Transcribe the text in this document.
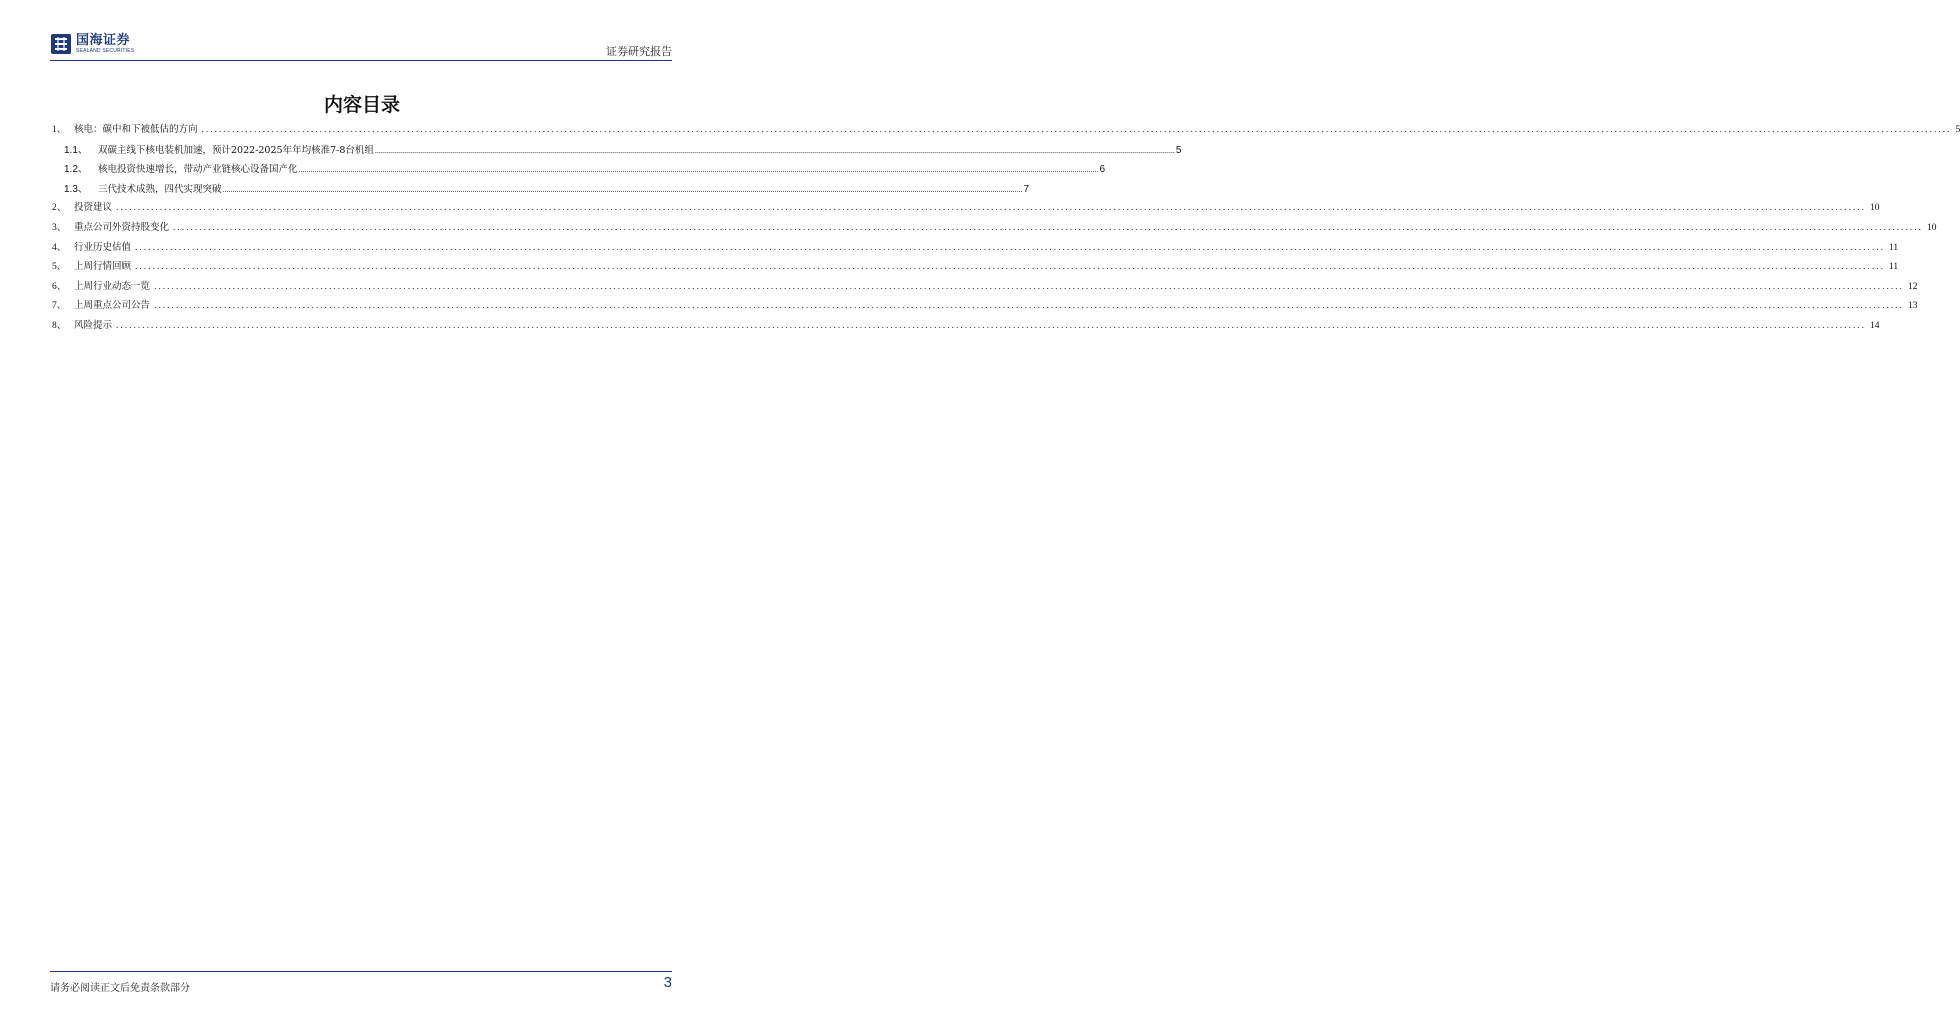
国海证券
SEALAND SECURITIES	证券研究报告
内容目录
1、 核电：碳中和下被低估的方向 ................................................................................................................................................................................................................................................................................................................................................................................................................ 5
1.1、	双碳主线下核电装机加速，预计2022-2025年年均核准7-8台机组 ................................................................................................................................................................................................................................................................................................................................................................................................................ 5
1.2、	核电投资快速增长，带动产业链核心设备国产化 ................................................................................................................................................................................................................................................................................................................................................................................................................ 6
1.3、	三代技术成熟，四代实现突破 ................................................................................................................................................................................................................................................................................................................................................................................................................ 7
2、 投资建议 ................................................................................................................................................................................................................................................................................................................................................................................................................ 10
3、 重点公司外资持股变化 ................................................................................................................................................................................................................................................................................................................................................................................................................ 10
4、 行业历史估值 ................................................................................................................................................................................................................................................................................................................................................................................................................ 11
5、 上周行情回顾 ................................................................................................................................................................................................................................................................................................................................................................................................................ 11
6、 上周行业动态一览 ................................................................................................................................................................................................................................................................................................................................................................................................................ 12
7、 上周重点公司公告 ................................................................................................................................................................................................................................................................................................................................................................................................................ 13
8、 风险提示 ................................................................................................................................................................................................................................................................................................................................................................................................................ 14
请务必阅读正文后免责条款部分	3
